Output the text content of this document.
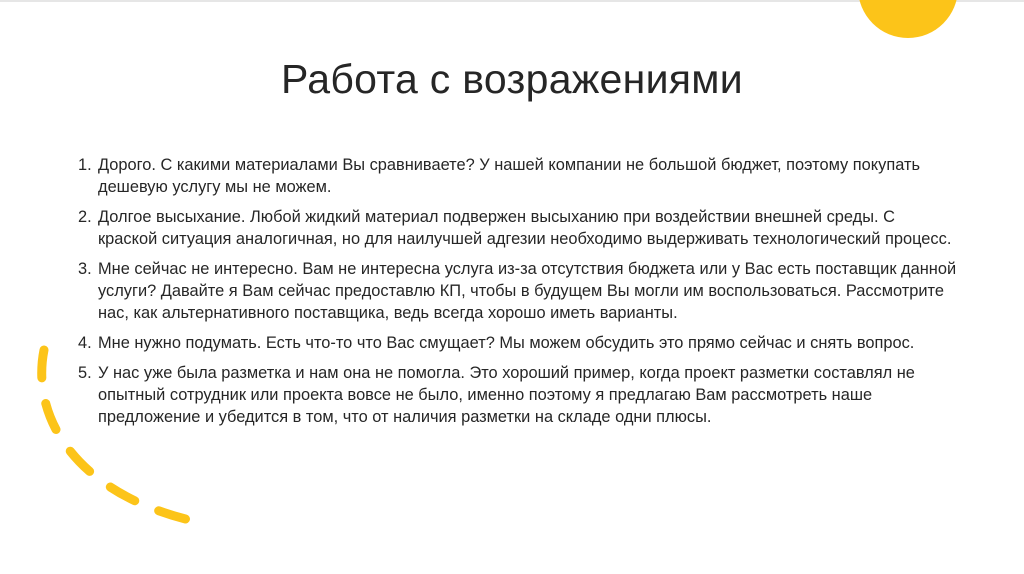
Работа с возражениями
1. Дорого. С какими материалами Вы сравниваете? У нашей компании не большой бюджет, поэтому покупать дешевую услугу мы не можем.
2. Долгое высыхание. Любой жидкий материал подвержен высыханию при воздействии внешней среды. С краской ситуация аналогичная, но для наилучшей адгезии необходимо выдерживать технологический процесс.
3. Мне сейчас не интересно. Вам не интересна услуга из-за отсутствия бюджета или у Вас есть поставщик данной услуги? Давайте я Вам сейчас предоставлю КП, чтобы в будущем Вы могли им воспользоваться. Рассмотрите нас, как альтернативного поставщика, ведь всегда хорошо иметь варианты.
4. Мне нужно подумать. Есть что-то что Вас смущает? Мы можем обсудить это прямо сейчас и снять вопрос.
5. У нас уже была разметка и нам она не помогла. Это хороший пример, когда проект разметки составлял не опытный сотрудник или проекта вовсе не было, именно поэтому я предлагаю Вам рассмотреть наше предложение и убедится в том, что от наличия разметки на складе одни плюсы.
